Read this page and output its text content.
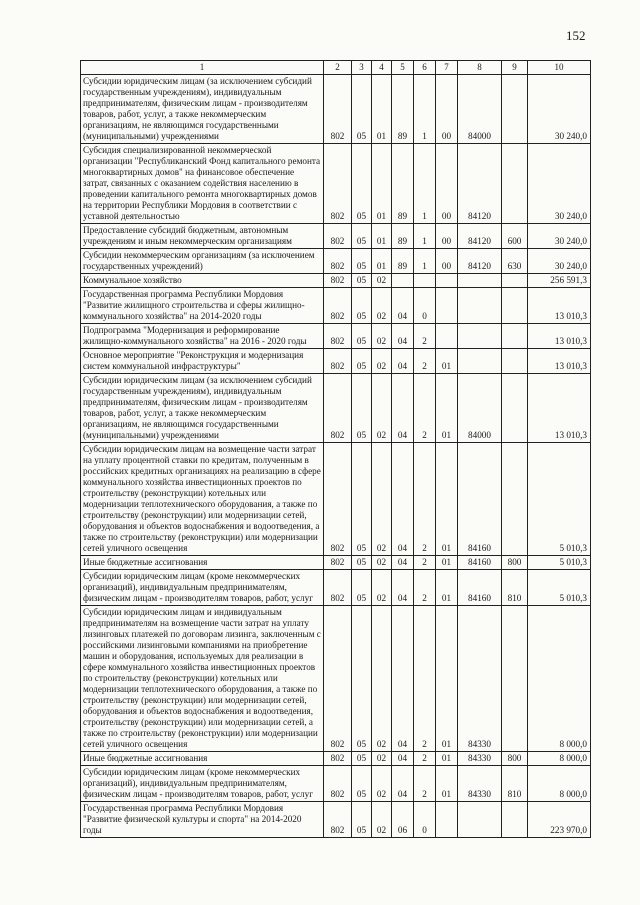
152
1	2	3	4	5	6	7	8	9	10
Субсидии юридическим лицам (за исключением субсидий государственным учреждениям), индивидуальным предпринимателям, физическим лицам - производителям товаров, работ, услуг, а также некоммерческим организациям, не являющимся государственными (муниципальными) учреждениями	802	05	01	89	1	00	84000		30 240,0
Субсидия специализированной некоммерческой организации "Республиканский Фонд капитального ремонта многоквартирных домов" на финансовое обеспечение затрат, связанных с оказанием содействия населению в проведении капитального ремонта многоквартирных домов на территории Республики Мордовия в соответствии с уставной деятельностью	802	05	01	89	1	00	84120		30 240,0
Предоставление субсидий бюджетным, автономным учреждениям и иным некоммерческим организациям	802	05	01	89	1	00	84120	600	30 240,0
Субсидии некоммерческим организациям (за исключением государственных учреждений)	802	05	01	89	1	00	84120	630	30 240,0
Коммунальное хозяйство	802	05	02						256 591,3
Государственная программа Республики Мордовия "Развитие жилищного строительства и сферы жилищно-коммунального хозяйства" на 2014-2020 годы	802	05	02	04	0				13 010,3
Подпрограмма "Модернизация и реформирование жилищно-коммунального хозяйства" на 2016 - 2020 годы	802	05	02	04	2				13 010,3
Основное мероприятие "Реконструкция и модернизация систем коммунальной инфраструктуры"	802	05	02	04	2	01			13 010,3
Субсидии юридическим лицам (за исключением субсидий государственным учреждениям), индивидуальным предпринимателям, физическим лицам - производителям товаров, работ, услуг, а также некоммерческим организациям, не являющимся государственными (муниципальными) учреждениями	802	05	02	04	2	01	84000		13 010,3
Субсидии юридическим лицам на возмещение части затрат на уплату процентной ставки по кредитам, полученным в российских кредитных организациях на реализацию в сфере коммунального хозяйства инвестиционных проектов по строительству (реконструкции) котельных или модернизации теплотехнического оборудования, а также по строительству (реконструкции) или модернизации сетей, оборудования и объектов водоснабжения и водоотведения, а также по строительству (реконструкции) или модернизации сетей уличного освещения	802	05	02	04	2	01	84160		5 010,3
Иные бюджетные ассигнования	802	05	02	04	2	01	84160	800	5 010,3
Субсидии юридическим лицам (кроме некоммерческих организаций), индивидуальным предпринимателям, физическим лицам - производителям товаров, работ, услуг	802	05	02	04	2	01	84160	810	5 010,3
Субсидии юридическим лицам и индивидуальным предпринимателям на возмещение части затрат на уплату лизинговых платежей по договорам лизинга, заключенным с российскими лизинговыми компаниями на приобретение машин и оборудования, используемых для реализации в сфере коммунального хозяйства инвестиционных проектов по строительству (реконструкции) котельных или модернизации теплотехнического оборудования, а также по строительству (реконструкции) или модернизации сетей, оборудования и объектов водоснабжения и водоотведения, строительству (реконструкции) или модернизации сетей, а также по строительству (реконструкции) или модернизации сетей уличного освещения	802	05	02	04	2	01	84330		8 000,0
Иные бюджетные ассигнования	802	05	02	04	2	01	84330	800	8 000,0
Субсидии юридическим лицам (кроме некоммерческих организаций), индивидуальным предпринимателям, физическим лицам - производителям товаров, работ, услуг	802	05	02	04	2	01	84330	810	8 000,0
Государственная программа Республики Мордовия "Развитие физической культуры и спорта" на 2014-2020 годы	802	05	02	06	0				223 970,0
